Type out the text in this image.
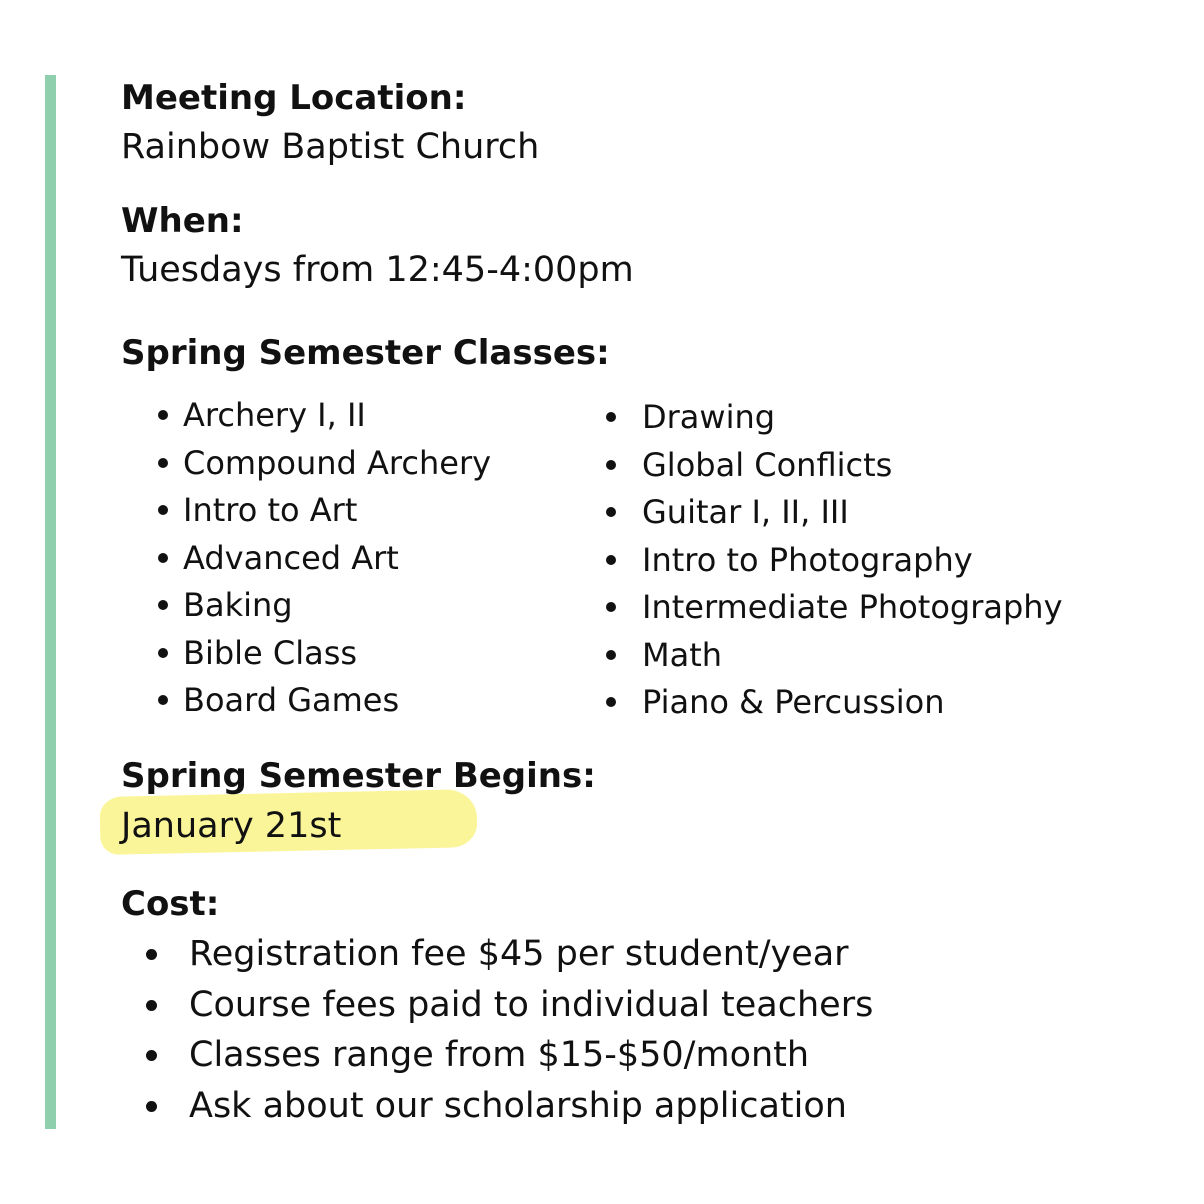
Meeting Location:

Rainbow Baptist Church

When:

Tuesdays from 12:45-4:00pm

Spring Semester Classes:
Archery I, II
Compound Archery
Intro to Art
Advanced Art
Baking
Bible Class
Board Games
Drawing
Global Conflicts
Guitar I, II, III
Intro to Photography
Intermediate Photography
Math
Piano & Percussion
Spring Semester Begins:

January 21st

Cost:
Registration fee $45 per student/year
Course fees paid to individual teachers
Classes range from $15-$50/month
Ask about our scholarship application
